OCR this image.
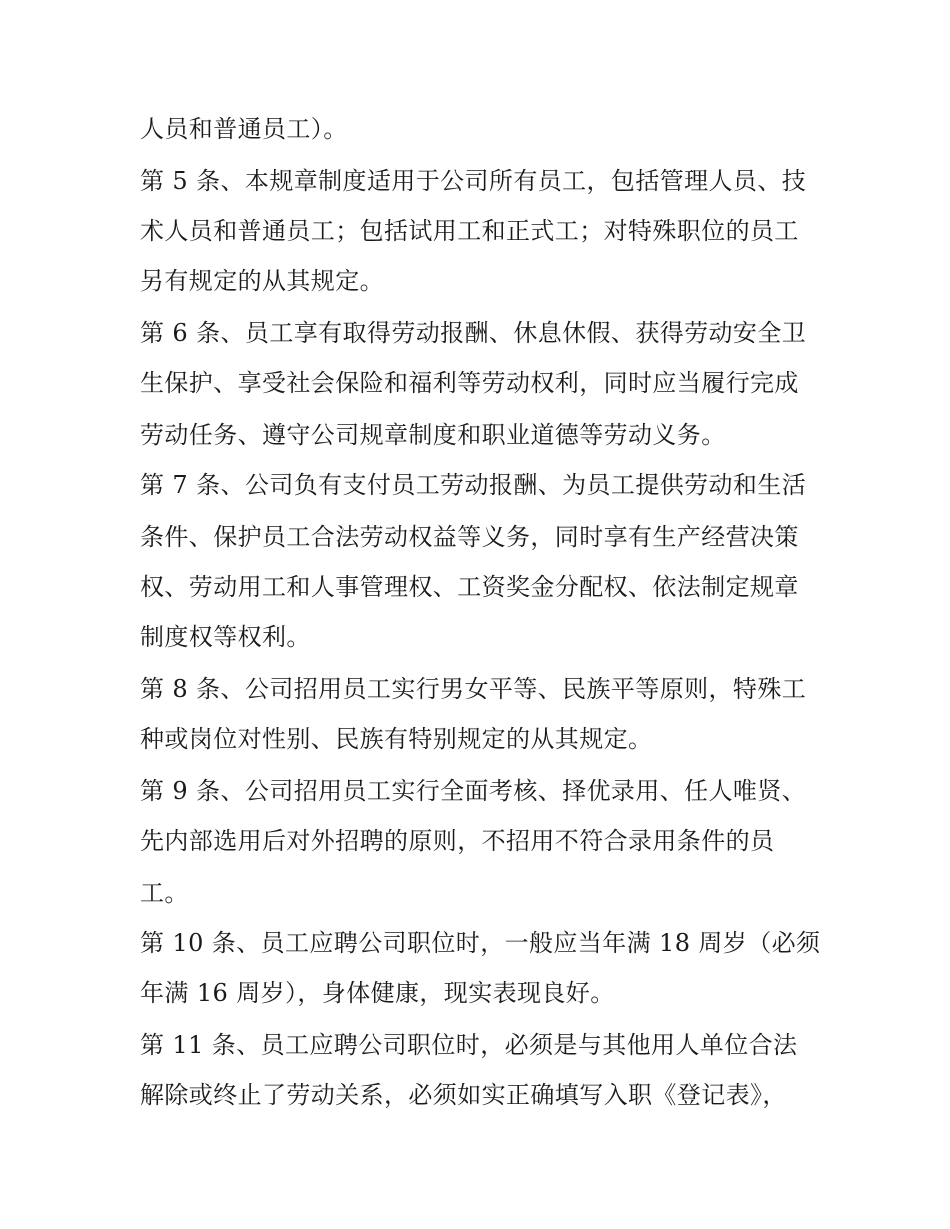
人员和普通员工）。
第 5 条、本规章制度适用于公司所有员工，包括管理人员、技
术人员和普通员工；包括试用工和正式工；对特殊职位的员工
另有规定的从其规定。
第 6 条、员工享有取得劳动报酬、休息休假、获得劳动安全卫
生保护、享受社会保险和福利等劳动权利，同时应当履行完成
劳动任务、遵守公司规章制度和职业道德等劳动义务。
第 7 条、公司负有支付员工劳动报酬、为员工提供劳动和生活
条件、保护员工合法劳动权益等义务，同时享有生产经营决策
权、劳动用工和人事管理权、工资奖金分配权、依法制定规章
制度权等权利。
第 8 条、公司招用员工实行男女平等、民族平等原则，特殊工
种或岗位对性别、民族有特别规定的从其规定。
第 9 条、公司招用员工实行全面考核、择优录用、任人唯贤、
先内部选用后对外招聘的原则，不招用不符合录用条件的员
工。
第 10 条、员工应聘公司职位时，一般应当年满 18 周岁（必须
年满 16 周岁），身体健康，现实表现良好。
第 11 条、员工应聘公司职位时，必须是与其他用人单位合法
解除或终止了劳动关系，必须如实正确填写入职《登记表》，
